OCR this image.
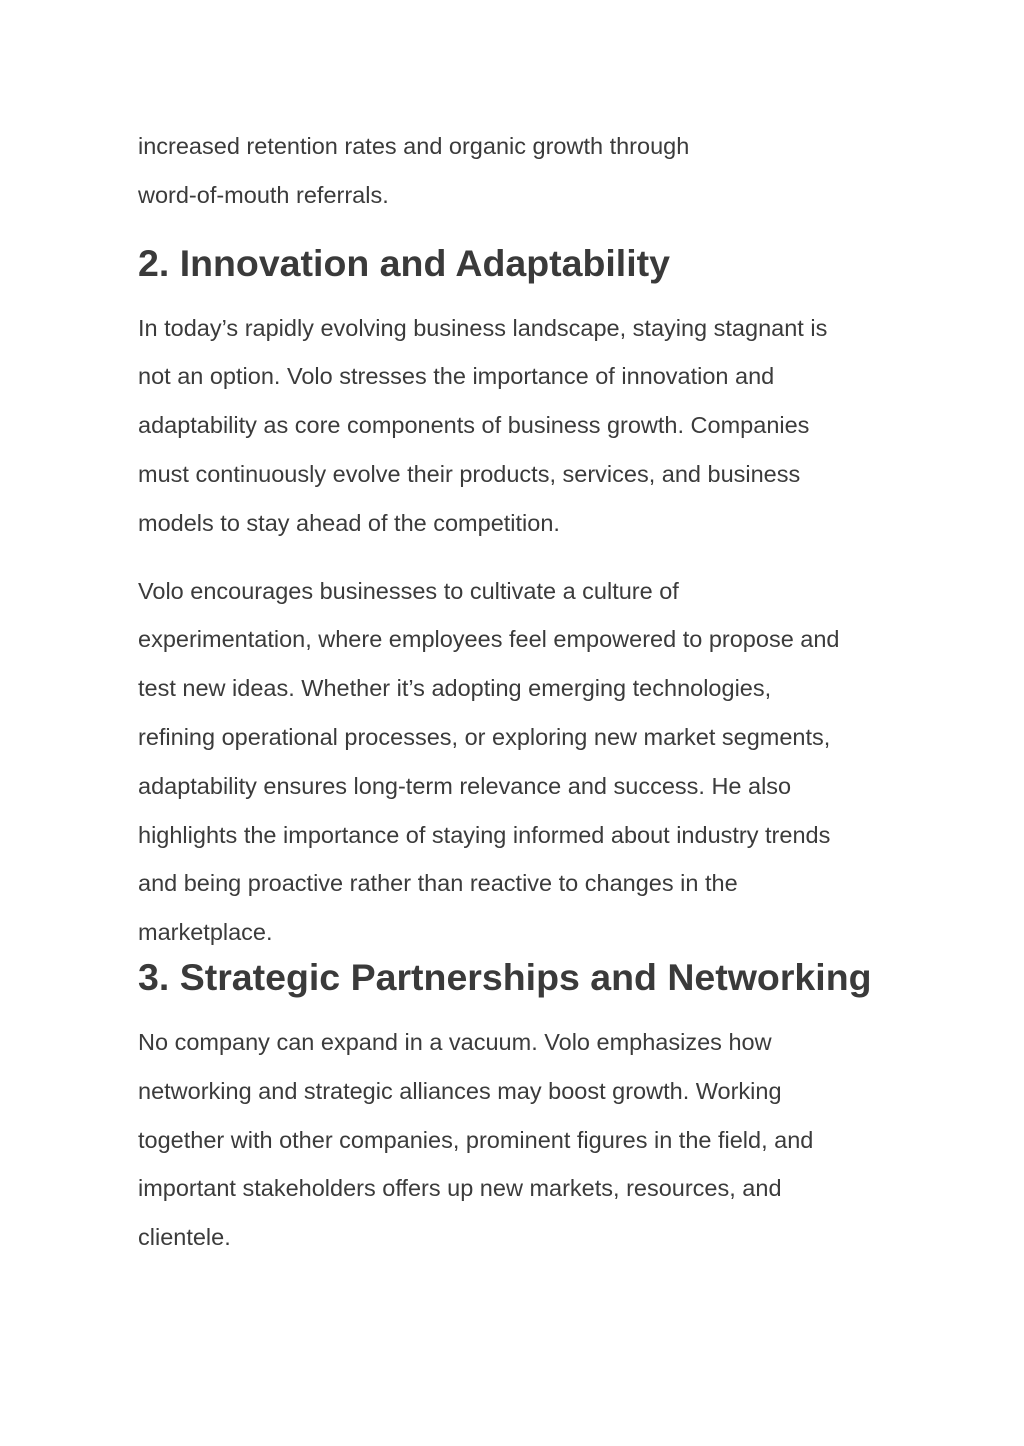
increased retention rates and organic growth through
word-of-mouth referrals.

2. Innovation and Adaptability

In today’s rapidly evolving business landscape, staying stagnant is
not an option. Volo stresses the importance of innovation and
adaptability as core components of business growth. Companies
must continuously evolve their products, services, and business
models to stay ahead of the competition.

Volo encourages businesses to cultivate a culture of
experimentation, where employees feel empowered to propose and
test new ideas. Whether it’s adopting emerging technologies,
refining operational processes, or exploring new market segments,
adaptability ensures long-term relevance and success. He also
highlights the importance of staying informed about industry trends
and being proactive rather than reactive to changes in the
marketplace.

3. Strategic Partnerships and Networking

No company can expand in a vacuum. Volo emphasizes how
networking and strategic alliances may boost growth. Working
together with other companies, prominent figures in the field, and
important stakeholders offers up new markets, resources, and
clientele.
